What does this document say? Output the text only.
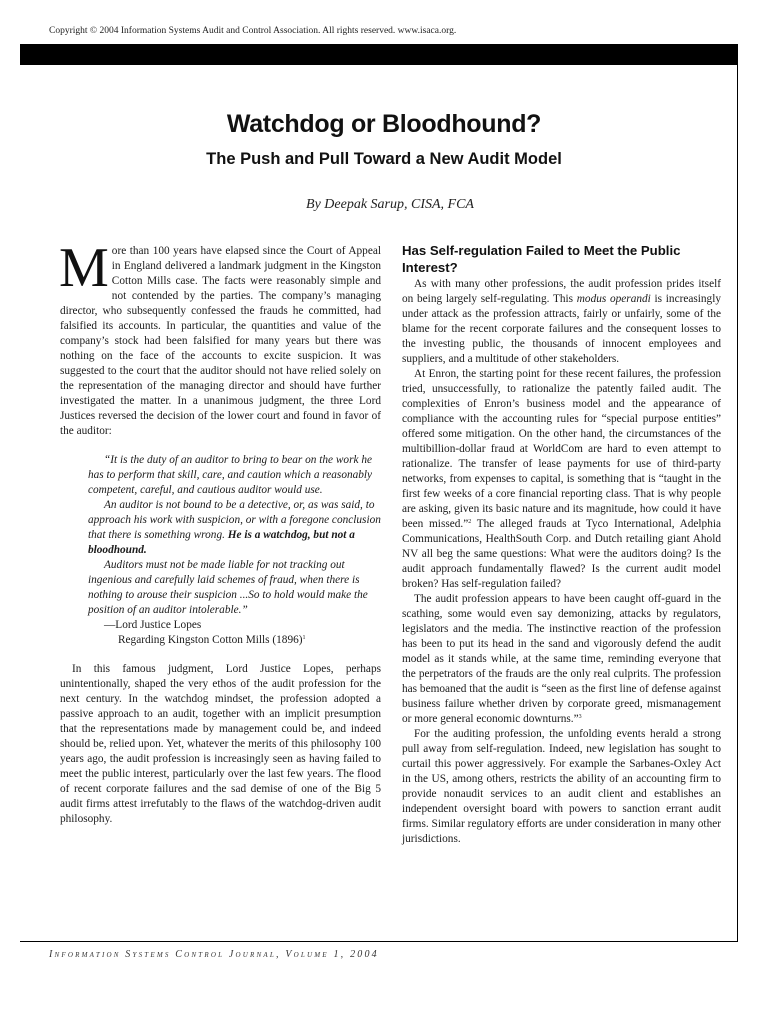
Copyright © 2004 Information Systems Audit and Control Association. All rights reserved. www.isaca.org.
Watchdog or Bloodhound?
The Push and Pull Toward a New Audit Model
By Deepak Sarup, CISA, FCA

More than 100 years have elapsed since the Court of Appeal in England delivered a landmark judgment in the Kingston Cotton Mills case. The facts were reasonably simple and not contended by the parties. The company’s managing director, who subsequently confessed the frauds he committed, had falsified its accounts. In particular, the quantities and value of the company’s stock had been falsified for many years but there was nothing on the face of the accounts to excite suspicion. It was suggested to the court that the auditor should not have relied solely on the representation of the managing director and should have further investigated the matter. In a unanimous judgment, the three Lord Justices reversed the decision of the lower court and found in favor of the auditor:

“It is the duty of an auditor to bring to bear on the work he has to perform that skill, care, and caution which a reasonably competent, careful, and cautious auditor would use.

An auditor is not bound to be a detective, or, as was said, to approach his work with suspicion, or with a foregone conclusion that there is something wrong. He is a watchdog, but not a bloodhound.

Auditors must not be made liable for not tracking out ingenious and carefully laid schemes of fraud, when there is nothing to arouse their suspicion ...So to hold would make the position of an auditor intolerable.”

—Lord Justice Lopes

Regarding Kingston Cotton Mills $(1896)^1$

In this famous judgment, Lord Justice Lopes, perhaps unintentionally, shaped the very ethos of the audit profession for the next century. In the watchdog mindset, the profession adopted a passive approach to an audit, together with an implicit presumption that the representations made by management could be, and indeed should be, relied upon. Yet, whatever the merits of this philosophy 100 years ago, the audit profession is increasingly seen as having failed to meet the public interest, particularly over the last few years. The flood of recent corporate failures and the sad demise of one of the Big 5 audit firms attest irrefutably to the flaws of the watchdog-driven audit philosophy.

Has Self-regulation Failed to Meet the Public Interest?

As with many other professions, the audit profession prides itself on being largely self-regulating. This modus operandi is increasingly under attack as the profession attracts, fairly or unfairly, some of the blame for the recent corporate failures and the consequent losses to the investing public, the thousands of innocent employees and suppliers, and a multitude of other stakeholders.

At Enron, the starting point for these recent failures, the profession tried, unsuccessfully, to rationalize the patently failed audit. The complexities of Enron’s business model and the appearance of compliance with the accounting rules for “special purpose entities” offered some mitigation. On the other hand, the circumstances of the multibillion-dollar fraud at WorldCom are hard to even attempt to rationalize. The transfer of lease payments for use of third-party networks, from expenses to capital, is something that is “taught in the first few weeks of a core financial reporting class. That is why people are asking, given its basic nature and its magnitude, how could it have been missed.”$^2$ The alleged frauds at Tyco International, Adelphia Communications, HealthSouth Corp. and Dutch retailing giant Ahold NV all beg the same questions: What were the auditors doing? Is the audit approach fundamentally flawed? Is the current audit model broken? Has self-regulation failed?

The audit profession appears to have been caught off-guard in the scathing, some would even say demonizing, attacks by regulators, legislators and the media. The instinctive reaction of the profession has been to put its head in the sand and vigorously defend the audit model as it stands while, at the same time, reminding everyone that the perpetrators of the frauds are the only real culprits. The profession has bemoaned that the audit is “seen as the first line of defense against business failure whether driven by corporate greed, mismanagement or more general economic downturns.”$^3$

For the auditing profession, the unfolding events herald a strong pull away from self-regulation. Indeed, new legislation has sought to curtail this power aggressively. For example the Sarbanes-Oxley Act in the US, among others, restricts the ability of an accounting firm to provide nonaudit services to an audit client and establishes an independent oversight board with powers to sanction errant audit firms. Similar regulatory efforts are under consideration in many other jurisdictions.

Information Systems Control Journal, Volume 1, 2004
